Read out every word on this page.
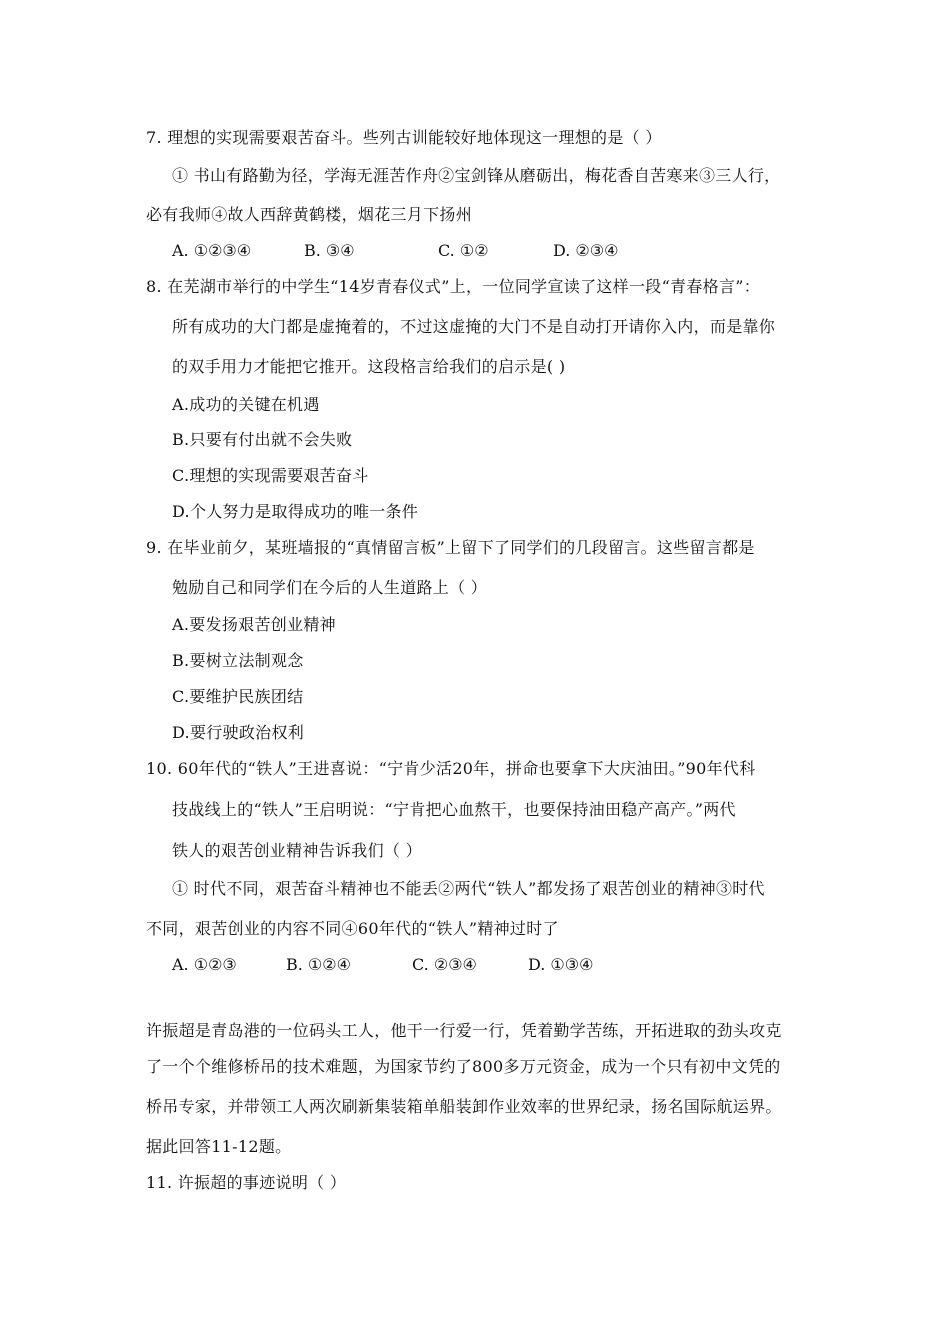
7. 理想的实现需要艰苦奋斗。些列古训能较好地体现这一理想的是（ ）
① 书山有路勤为径，学海无涯苦作舟②宝剑锋从磨砺出，梅花香自苦寒来③三人行，
必有我师④故人西辞黄鹤楼，烟花三月下扬州
A. ①②③④	B. ③④	C. ①②	D. ②③④
8. 在芜湖市举行的中学生“14岁青春仪式”上，一位同学宣读了这样一段“青春格言”：
所有成功的大门都是虚掩着的，不过这虚掩的大门不是自动打开请你入内，而是靠你
的双手用力才能把它推开。这段格言给我们的启示是( )
A.成功的关键在机遇
B.只要有付出就不会失败
C.理想的实现需要艰苦奋斗
D.个人努力是取得成功的唯一条件
9. 在毕业前夕，某班墙报的“真情留言板”上留下了同学们的几段留言。这些留言都是
勉励自己和同学们在今后的人生道路上（ ）
A.要发扬艰苦创业精神
B.要树立法制观念
C.要维护民族团结
D.要行驶政治权利
10. 60年代的“铁人”王进喜说：“宁肯少活20年，拼命也要拿下大庆油田。”90年代科
技战线上的“铁人”王启明说：“宁肯把心血熬干，也要保持油田稳产高产。”两代
铁人的艰苦创业精神告诉我们（ ）
① 时代不同，艰苦奋斗精神也不能丢②两代“铁人”都发扬了艰苦创业的精神③时代
不同，艰苦创业的内容不同④60年代的“铁人”精神过时了
A. ①②③	B. ①②④	C. ②③④	D. ①③④
许振超是青岛港的一位码头工人，他干一行爱一行，凭着勤学苦练，开拓进取的劲头攻克
了一个个维修桥吊的技术难题，为国家节约了800多万元资金，成为一个只有初中文凭的
桥吊专家，并带领工人两次刷新集装箱单船装卸作业效率的世界纪录，扬名国际航运界。
据此回答11-12题。
11. 许振超的事迹说明（ ）
